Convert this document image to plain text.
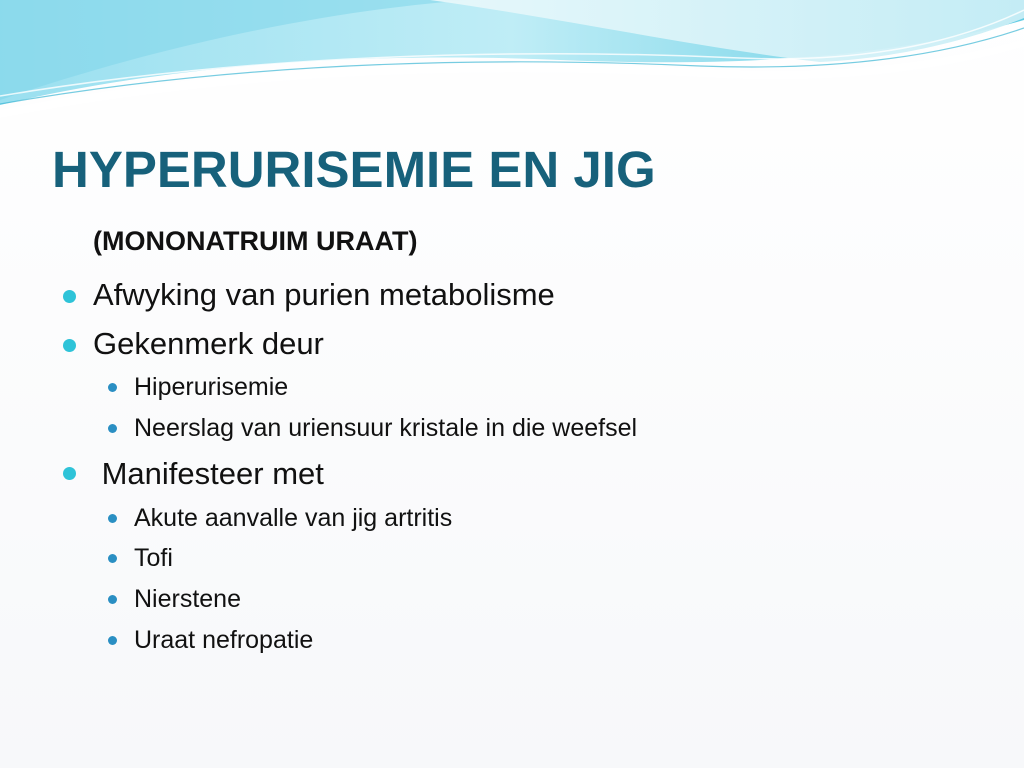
HYPERURISEMIE EN JIG
(MONONATRUIM URAAT)
Afwyking van purien metabolisme
Gekenmerk deur
Hiperurisemie
Neerslag van uriensuur kristale in die weefsel
Manifesteer met
Akute aanvalle van jig artritis
Tofi
Nierstene
Uraat nefropatie
